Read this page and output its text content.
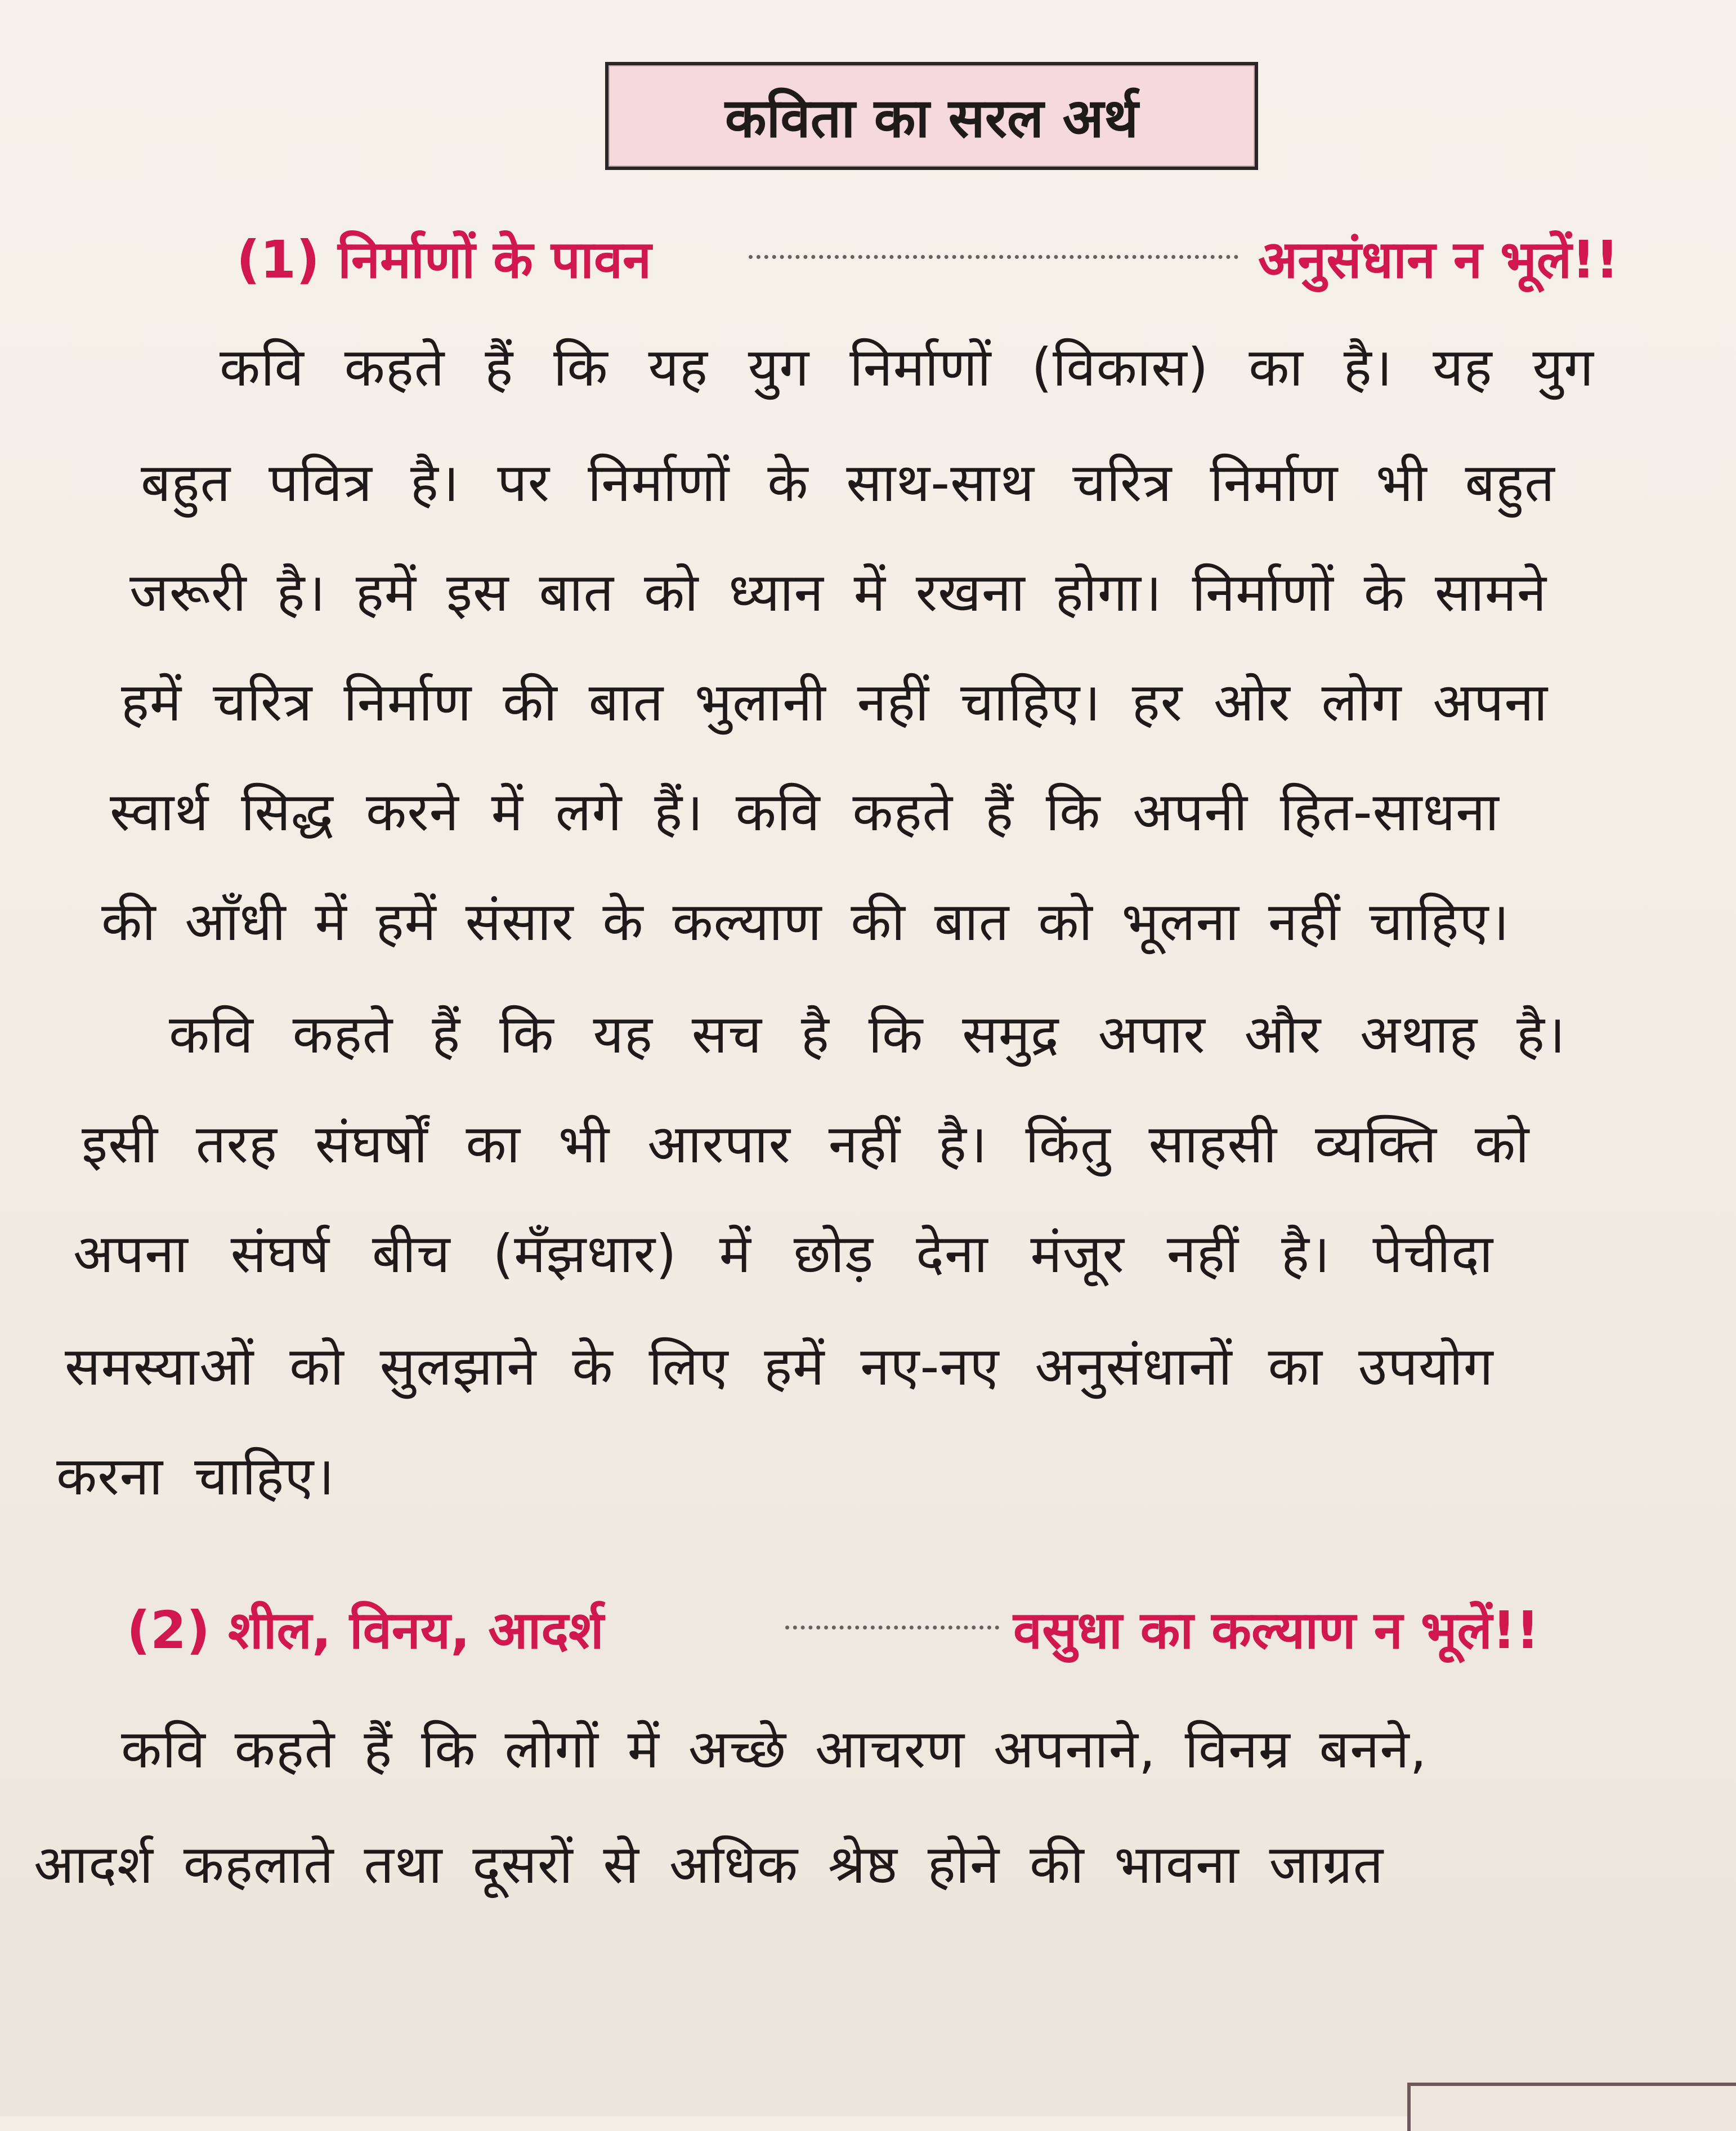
कविता का सरल अर्थ
(1) निर्माणों के पावन	अनुसंधान न भूलें!!
कवि कहते हैं कि यह युग निर्माणों (विकास) का है। यह युग
बहुत पवित्र है। पर निर्माणों के साथ-साथ चरित्र निर्माण भी बहुत
जरूरी है। हमें इस बात को ध्यान में रखना होगा। निर्माणों के सामने
हमें चरित्र निर्माण की बात भुलानी नहीं चाहिए। हर ओर लोग अपना
स्वार्थ सिद्ध करने में लगे हैं। कवि कहते हैं कि अपनी हित-साधना
की आँधी में हमें संसार के कल्याण की बात को भूलना नहीं चाहिए।
कवि कहते हैं कि यह सच है कि समुद्र अपार और अथाह है।
इसी तरह संघर्षों का भी आरपार नहीं है। किंतु साहसी व्यक्ति को
अपना संघर्ष बीच (मँझधार) में छोड़ देना मंजूर नहीं है। पेचीदा
समस्याओं को सुलझाने के लिए हमें नए-नए अनुसंधानों का उपयोग
करना चाहिए।
(2) शील, विनय, आदर्श	वसुधा का कल्याण न भूलें!!
कवि कहते हैं कि लोगों में अच्छे आचरण अपनाने, विनम्र बनने,
आदर्श कहलाते तथा दूसरों से अधिक श्रेष्ठ होने की भावना जाग्रत
